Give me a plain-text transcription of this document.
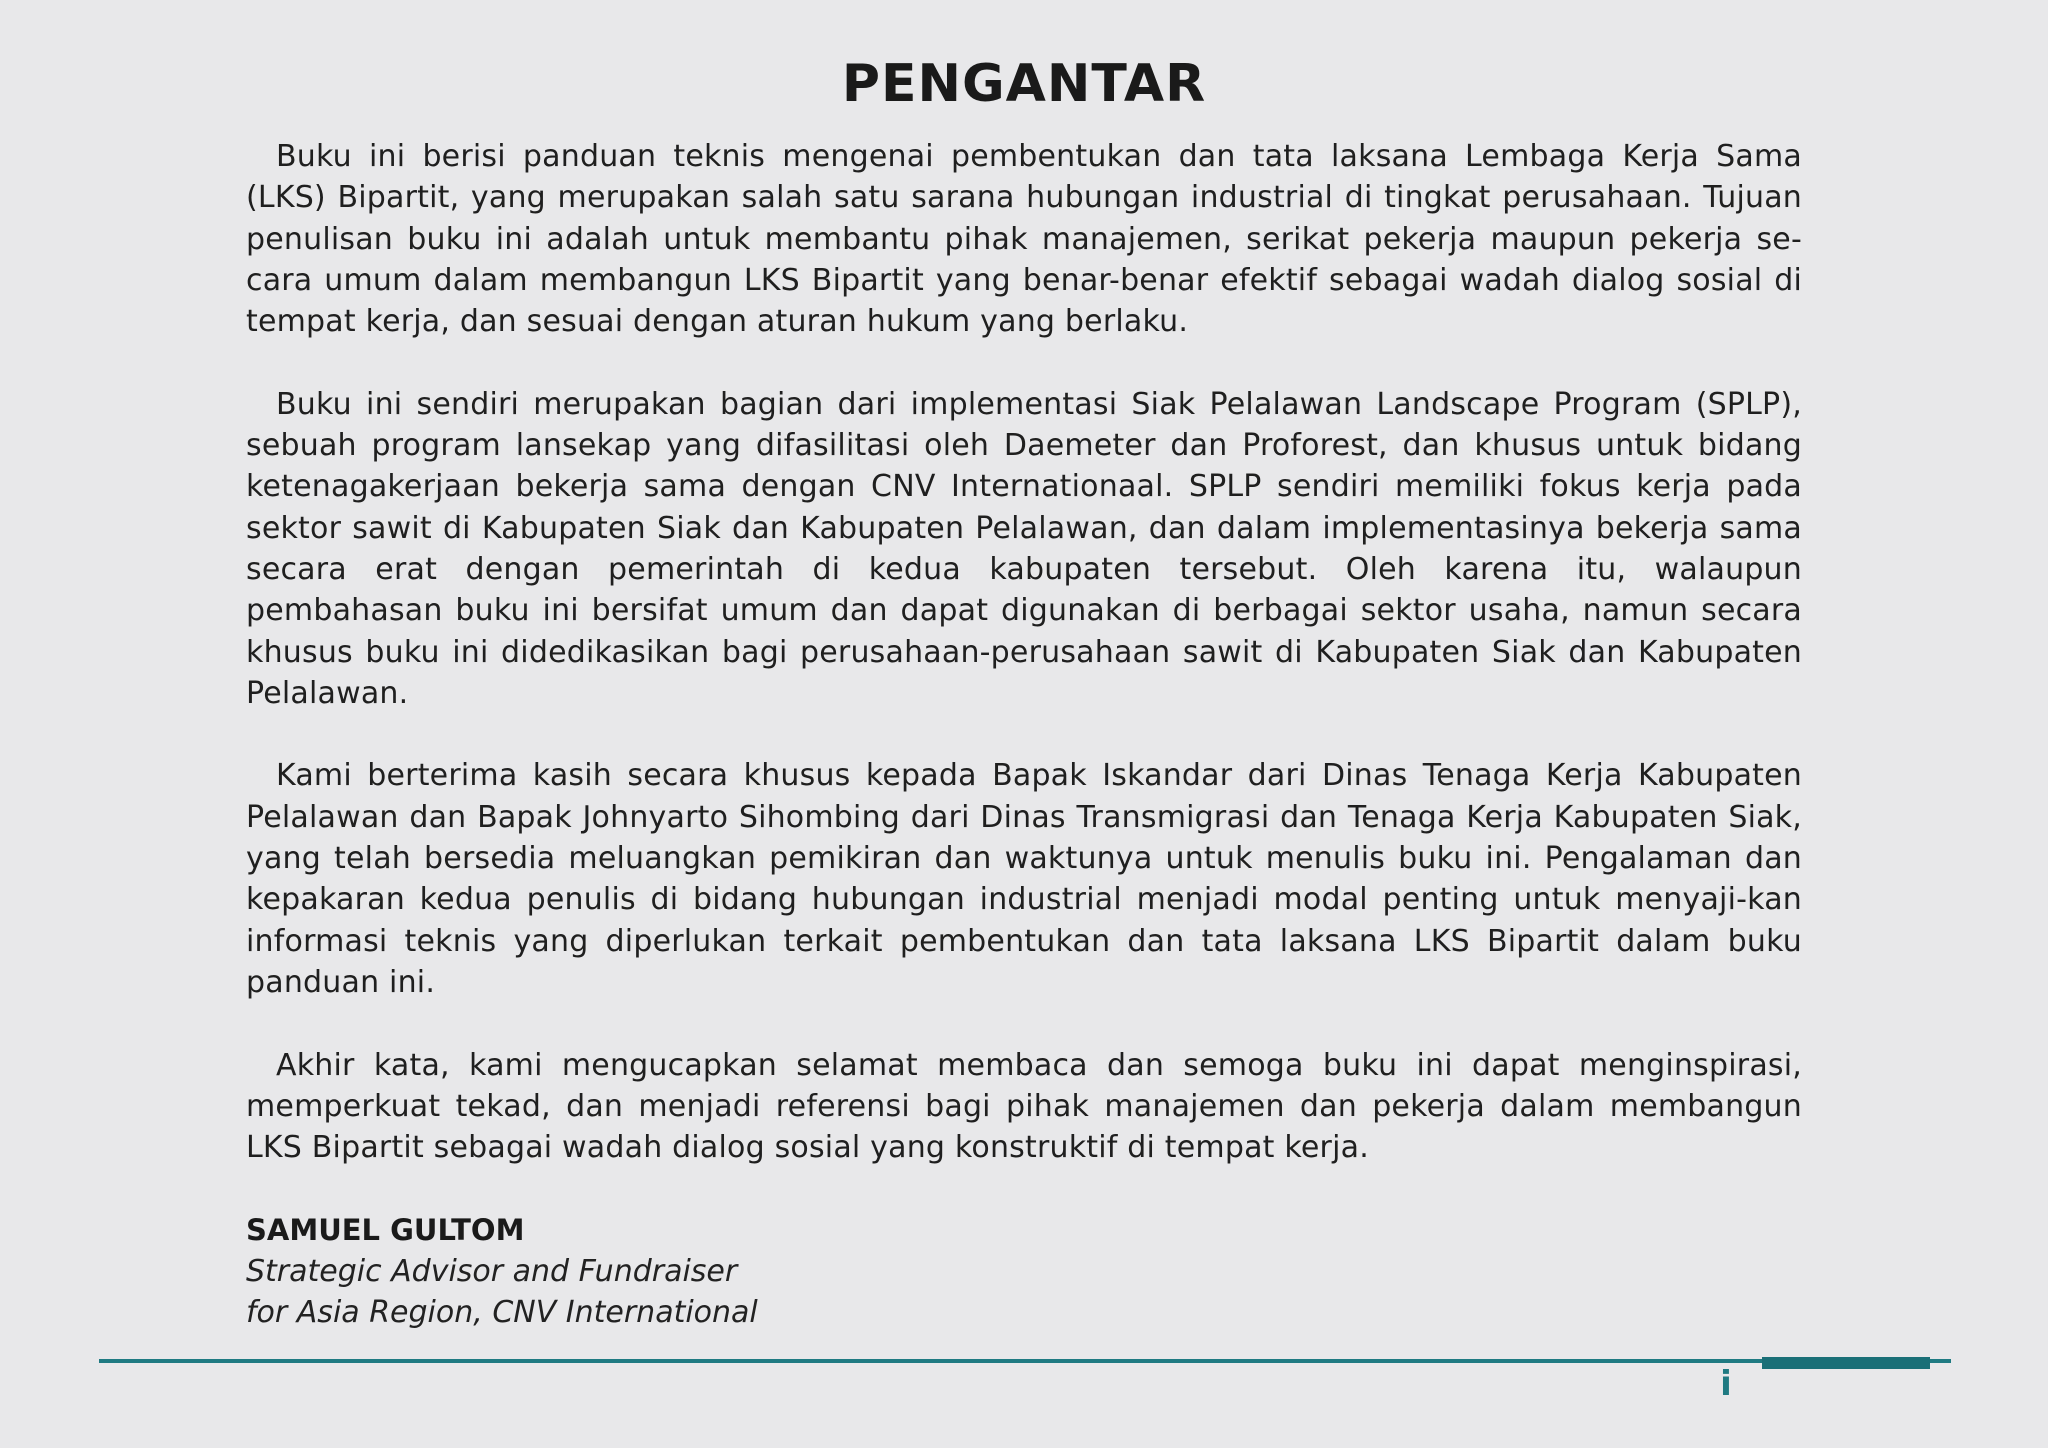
PENGANTAR

Buku ini berisi panduan teknis mengenai pembentukan dan tata laksana Lembaga Kerja Sama (LKS) Bipartit, yang merupakan salah satu sarana hubungan industrial di tingkat perusahaan. Tujuan penulisan buku ini adalah untuk membantu pihak manajemen, serikat pekerja maupun pekerja se-cara umum dalam membangun LKS Bipartit yang benar-benar efektif sebagai wadah dialog sosial di tempat kerja, dan sesuai dengan aturan hukum yang berlaku.

Buku ini sendiri merupakan bagian dari implementasi Siak Pelalawan Landscape Program (SPLP), sebuah program lansekap yang difasilitasi oleh Daemeter dan Proforest, dan khusus untuk bidang ketenagakerjaan bekerja sama dengan CNV Internationaal. SPLP sendiri memiliki fokus kerja pada sektor sawit di Kabupaten Siak dan Kabupaten Pelalawan, dan dalam implementasinya bekerja sama secara erat dengan pemerintah di kedua kabupaten tersebut. Oleh karena itu, walaupun pembahasan buku ini bersifat umum dan dapat digunakan di berbagai sektor usaha, namun secara khusus buku ini didedikasikan bagi perusahaan-perusahaan sawit di Kabupaten Siak dan Kabupaten Pelalawan.

Kami berterima kasih secara khusus kepada Bapak Iskandar dari Dinas Tenaga Kerja Kabupaten Pelalawan dan Bapak Johnyarto Sihombing dari Dinas Transmigrasi dan Tenaga Kerja Kabupaten Siak, yang telah bersedia meluangkan pemikiran dan waktunya untuk menulis buku ini. Pengalaman dan kepakaran kedua penulis di bidang hubungan industrial menjadi modal penting untuk menyaji-kan informasi teknis yang diperlukan terkait pembentukan dan tata laksana LKS Bipartit dalam buku panduan ini.

Akhir kata, kami mengucapkan selamat membaca dan semoga buku ini dapat menginspirasi, memperkuat tekad, dan menjadi referensi bagi pihak manajemen dan pekerja dalam membangun LKS Bipartit sebagai wadah dialog sosial yang konstruktif di tempat kerja.

SAMUEL GULTOM
Strategic Advisor and Fundraiser
for Asia Region, CNV International
i
